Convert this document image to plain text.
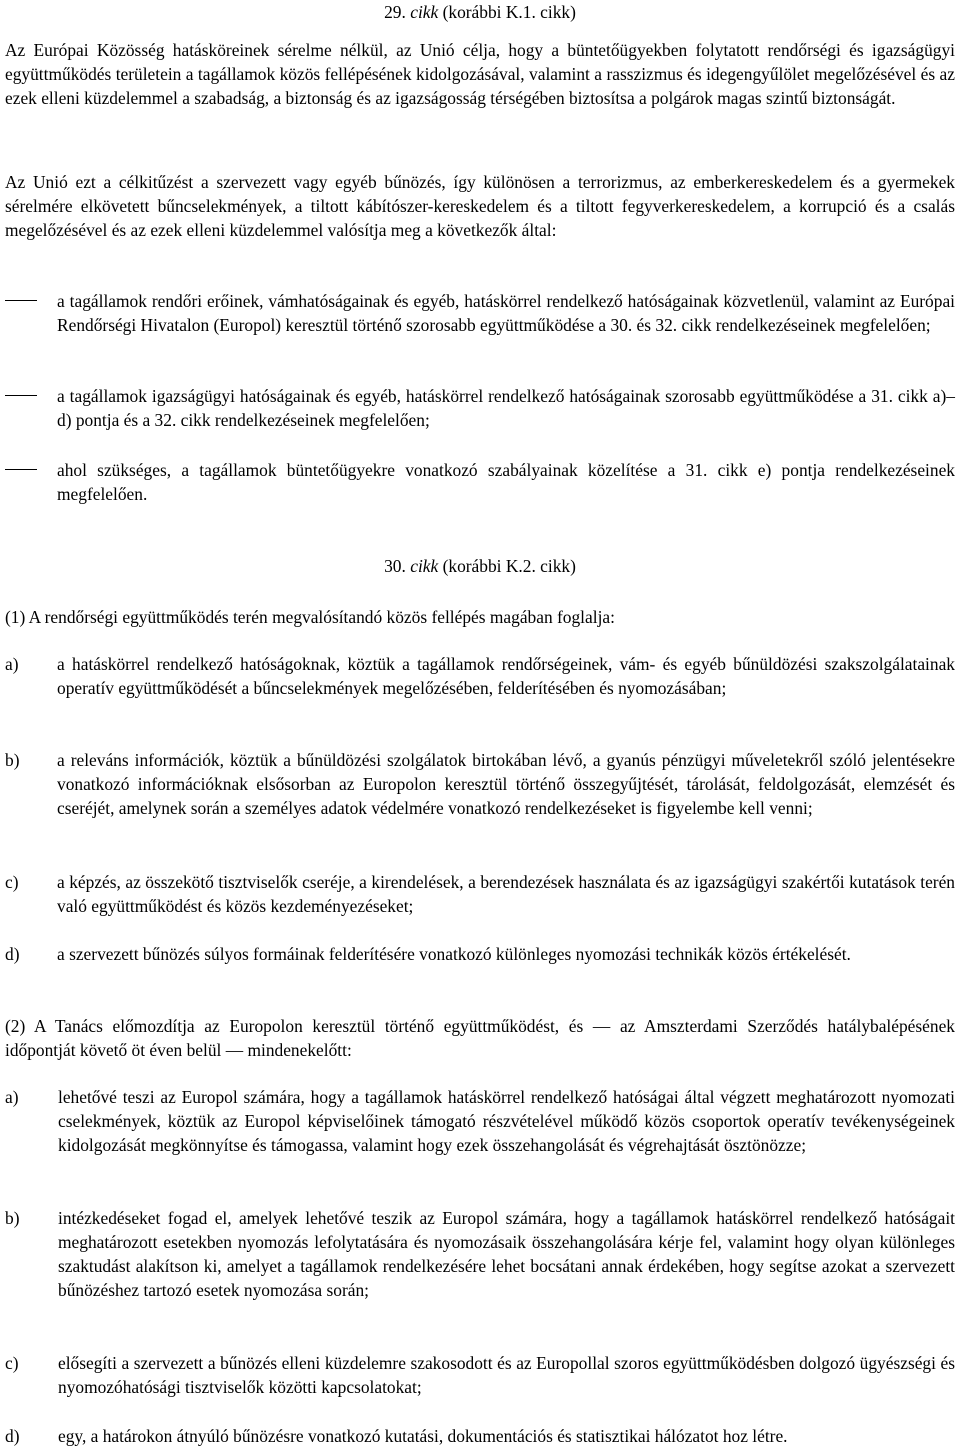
29. cikk (korábbi K.1. cikk)

Az Európai Közösség hatásköreinek sérelme nélkül, az Unió célja, hogy a büntetőügyekben folytatott rendőrségi és igazságügyi együttműködés területein a tagállamok közös fellépésének kidolgozásával, valamint a rasszizmus és idegengyűlölet megelőzésével és az ezek elleni küzdelemmel a szabadság, a biztonság és az igazságosság térségében biztosítsa a polgárok magas szintű biztonságát.

Az Unió ezt a célkitűzést a szervezett vagy egyéb bűnözés, így különösen a terrorizmus, az emberkereskedelem és a gyermekek sérelmére elkövetett bűncselekmények, a tiltott kábítószer-kereskedelem és a tiltott fegyverkereskedelem, a korrupció és a csalás megelőzésével és az ezek elleni küzdelemmel valósítja meg a következők által:

a tagállamok rendőri erőinek, vámhatóságainak és egyéb, hatáskörrel rendelkező hatóságainak közvetlenül, valamint az Európai Rendőrségi Hivatalon (Europol) keresztül történő szorosabb együttműködése a 30. és 32. cikk rendelkezéseinek megfelelően;

a tagállamok igazságügyi hatóságainak és egyéb, hatáskörrel rendelkező hatóságainak szorosabb együttműködése a 31. cikk a)–d) pontja és a 32. cikk rendelkezéseinek megfelelően;

ahol szükséges, a tagállamok büntetőügyekre vonatkozó szabályainak közelítése a 31. cikk e) pontja rendelkezéseinek megfelelően.

30. cikk (korábbi K.2. cikk)

(1) A rendőrségi együttműködés terén megvalósítandó közös fellépés magában foglalja:

a) a hatáskörrel rendelkező hatóságoknak, köztük a tagállamok rendőrségeinek, vám- és egyéb bűnüldözési szakszolgálatainak operatív együttműködését a bűncselekmények megelőzésében, felderítésében és nyomozásában;

b) a releváns információk, köztük a bűnüldözési szolgálatok birtokában lévő, a gyanús pénzügyi műveletekről szóló jelentésekre vonatkozó információknak elsősorban az Europolon keresztül történő összegyűjtését, tárolását, feldolgozását, elemzését és cseréjét, amelynek során a személyes adatok védelmére vonatkozó rendelkezéseket is figyelembe kell venni;

c) a képzés, az összekötő tisztviselők cseréje, a kirendelések, a berendezések használata és az igazságügyi szakértői kutatások terén való együttműködést és közös kezdeményezéseket;

d) a szervezett bűnözés súlyos formáinak felderítésére vonatkozó különleges nyomozási technikák közös értékelését.

(2) A Tanács előmozdítja az Europolon keresztül történő együttműködést, és — az Amszterdami Szerződés hatálybalépésének időpontját követő öt éven belül — mindenekelőtt:

a) lehetővé teszi az Europol számára, hogy a tagállamok hatáskörrel rendelkező hatóságai által végzett meghatározott nyomozati cselekmények, köztük az Europol képviselőinek támogató részvételével működő közös csoportok operatív tevékenységeinek kidolgozását megkönnyítse és támogassa, valamint hogy ezek összehangolását és végrehajtását ösztönözze;

b) intézkedéseket fogad el, amelyek lehetővé teszik az Europol számára, hogy a tagállamok hatáskörrel rendelkező hatóságait meghatározott esetekben nyomozás lefolytatására és nyomozásaik összehangolására kérje fel, valamint hogy olyan különleges szaktudást alakítson ki, amelyet a tagállamok rendelkezésére lehet bocsátani annak érdekében, hogy segítse azokat a szervezett bűnözéshez tartozó esetek nyomozása során;

c) elősegíti a szervezett a bűnözés elleni küzdelemre szakosodott és az Europollal szoros együttműködésben dolgozó ügyészségi és nyomozóhatósági tisztviselők közötti kapcsolatokat;

d) egy, a határokon átnyúló bűnözésre vonatkozó kutatási, dokumentációs és statisztikai hálózatot hoz létre.
